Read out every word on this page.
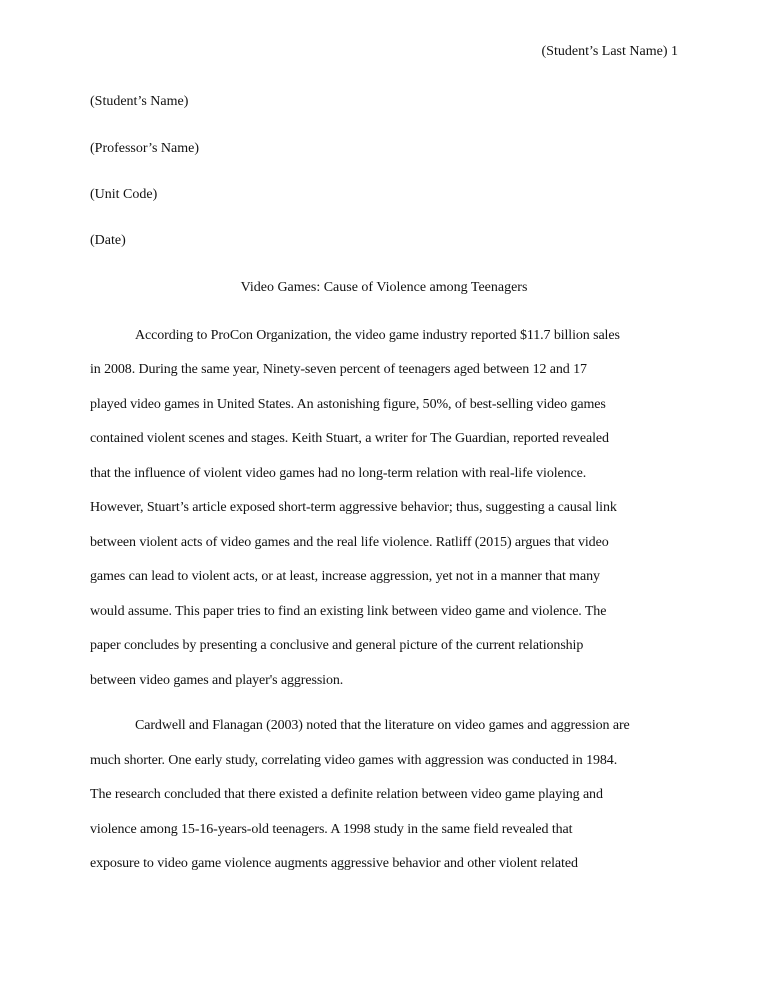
(Student’s Last Name) 1
(Student’s Name)
(Professor’s Name)
(Unit Code)
(Date)
Video Games: Cause of Violence among Teenagers
According to ProCon Organization, the video game industry reported $11.7 billion sales
in 2008. During the same year, Ninety-seven percent of teenagers aged between 12 and 17
played video games in United States. An astonishing figure, 50%, of best-selling video games
contained violent scenes and stages. Keith Stuart, a writer for The Guardian, reported revealed
that the influence of violent video games had no long-term relation with real-life violence.
However, Stuart’s article exposed short-term aggressive behavior; thus, suggesting a causal link
between violent acts of video games and the real life violence. Ratliff (2015) argues that video
games can lead to violent acts, or at least, increase aggression, yet not in a manner that many
would assume. This paper tries to find an existing link between video game and violence. The
paper concludes by presenting a conclusive and general picture of the current relationship
between video games and player's aggression.
Cardwell and Flanagan (2003) noted that the literature on video games and aggression are
much shorter. One early study, correlating video games with aggression was conducted in 1984.
The research concluded that there existed a definite relation between video game playing and
violence among 15-16-years-old teenagers. A 1998 study in the same field revealed that
exposure to video game violence augments aggressive behavior and other violent related
